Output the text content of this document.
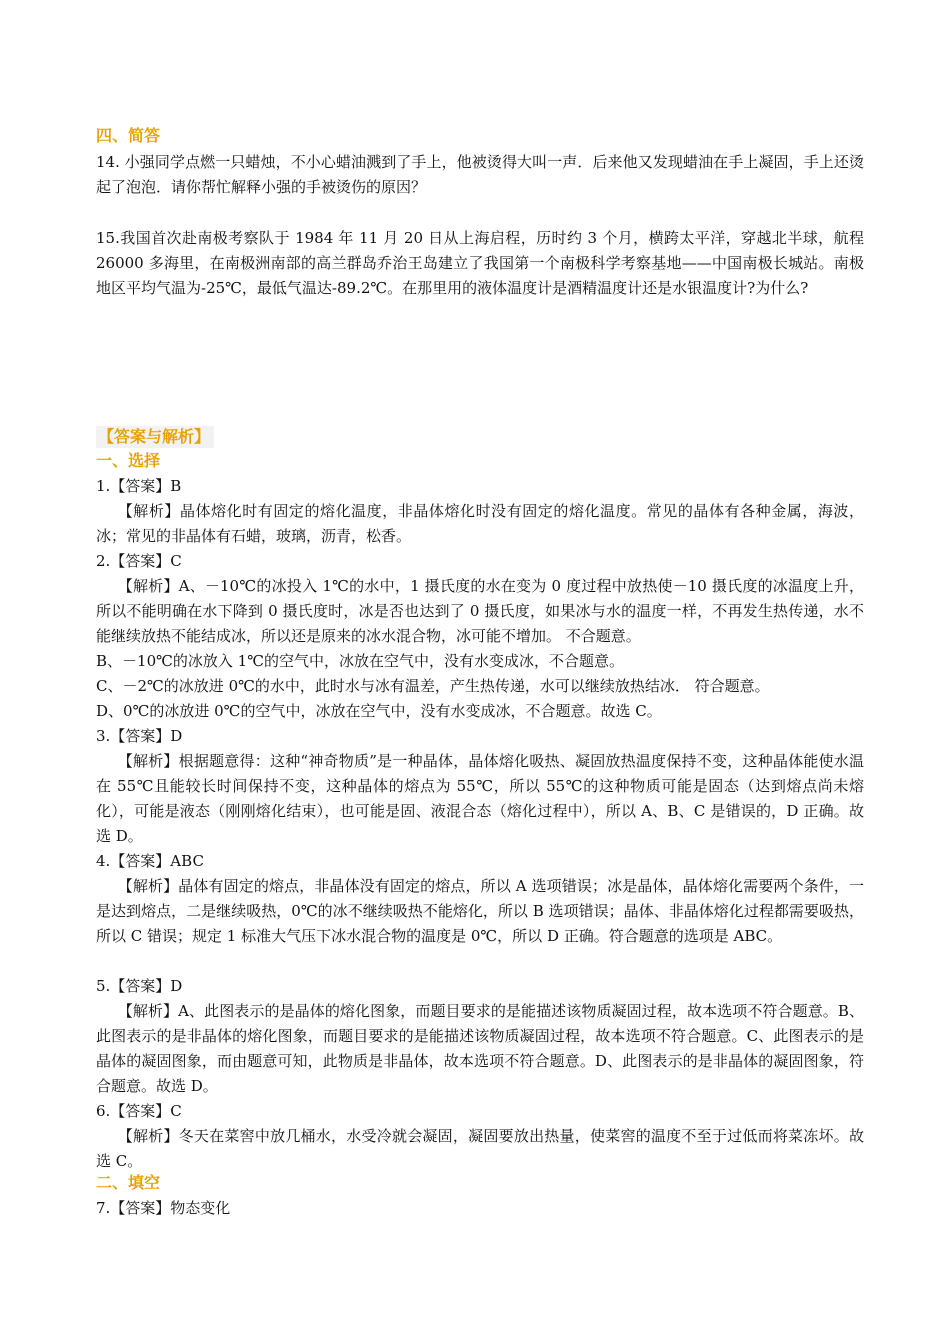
四、简答

14. 小强同学点燃一只蜡烛，不小心蜡油溅到了手上，他被烫得大叫一声．后来他又发现蜡油在手上凝固，手上还烫起了泡泡．请你帮忙解释小强的手被烫伤的原因？

15.我国首次赴南极考察队于 1984 年 11 月 20 日从上海启程，历时约 3 个月，横跨太平洋，穿越北半球，航程 26000 多海里，在南极洲南部的高兰群岛乔治王岛建立了我国第一个南极科学考察基地——中国南极长城站。南极地区平均气温为-25℃，最低气温达-89.2℃。在那里用的液体温度计是酒精温度计还是水银温度计?为什么?

【答案与解析】
一、选择

1.【答案】B

【解析】晶体熔化时有固定的熔化温度，非晶体熔化时没有固定的熔化温度。常见的晶体有各种金属，海波，冰；常见的非晶体有石蜡，玻璃，沥青，松香。

2.【答案】C

【解析】A、－10℃的冰投入 1℃的水中，1 摄氏度的水在变为 0 度过程中放热使－10 摄氏度的冰温度上升，所以不能明确在水下降到 0 摄氏度时，冰是否也达到了 0 摄氏度，如果冰与水的温度一样，不再发生热传递，水不能继续放热不能结成冰，所以还是原来的冰水混合物，冰可能不增加。 不合题意。

B、－10℃的冰放入 1℃的空气中，冰放在空气中，没有水变成冰，不合题意。

C、－2℃的冰放进 0℃的水中，此时水与冰有温差，产生热传递，水可以继续放热结冰． 符合题意。

D、0℃的冰放进 0℃的空气中，冰放在空气中，没有水变成冰，不合题意。故选 C。

3.【答案】D

【解析】根据题意得：这种“神奇物质”是一种晶体，晶体熔化吸热、凝固放热温度保持不变，这种晶体能使水温在 55℃且能较长时间保持不变，这种晶体的熔点为 55℃，所以 55℃的这种物质可能是固态（达到熔点尚未熔化），可能是液态（刚刚熔化结束），也可能是固、液混合态（熔化过程中），所以 A、B、C 是错误的，D 正确。故选 D。

4.【答案】ABC

【解析】晶体有固定的熔点，非晶体没有固定的熔点，所以 A 选项错误；冰是晶体，晶体熔化需要两个条件，一是达到熔点，二是继续吸热，0℃的冰不继续吸热不能熔化，所以 B 选项错误；晶体、非晶体熔化过程都需要吸热，所以 C 错误；规定 1 标准大气压下冰水混合物的温度是 0℃，所以 D 正确。符合题意的选项是 ABC。

5.【答案】D

【解析】A、此图表示的是晶体的熔化图象，而题目要求的是能描述该物质凝固过程，故本选项不符合题意。B、此图表示的是非晶体的熔化图象，而题目要求的是能描述该物质凝固过程，故本选项不符合题意。C、此图表示的是晶体的凝固图象，而由题意可知，此物质是非晶体，故本选项不符合题意。D、此图表示的是非晶体的凝固图象，符合题意。故选 D。

6.【答案】C

【解析】冬天在菜窖中放几桶水，水受冷就会凝固，凝固要放出热量，使菜窖的温度不至于过低而将菜冻坏。故选 C。

二、填空

7.【答案】物态变化
